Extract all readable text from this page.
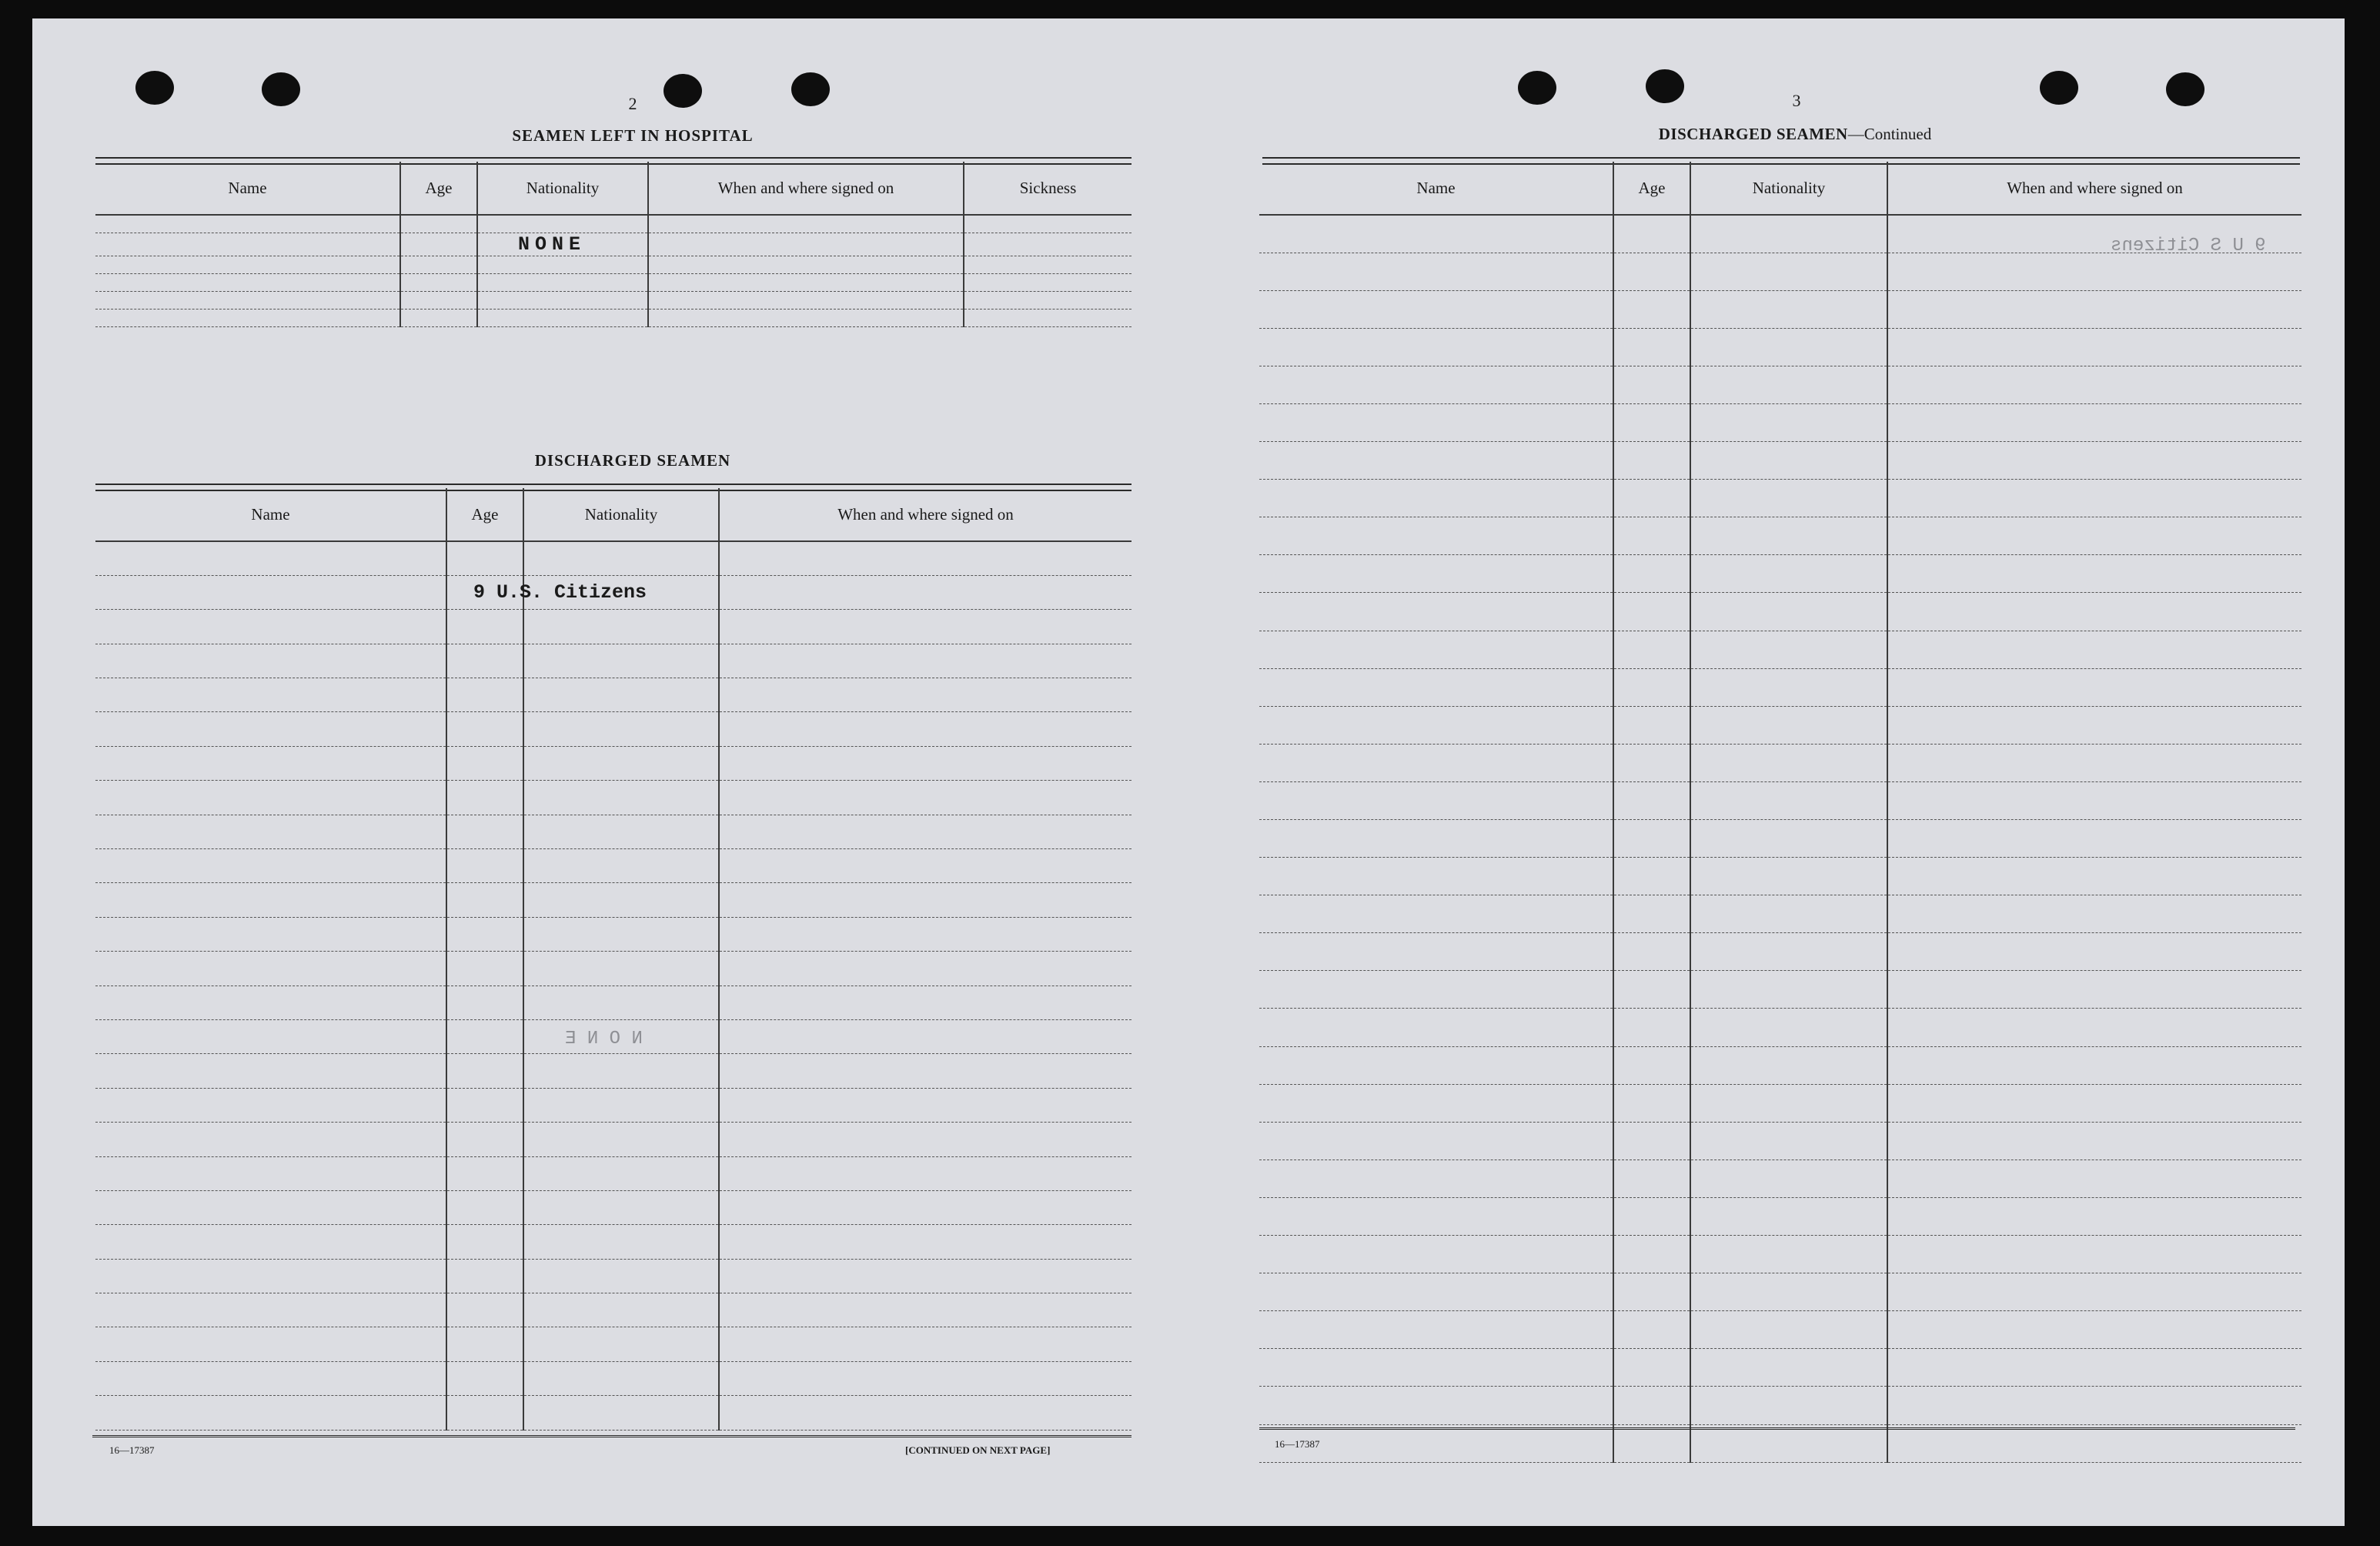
2
SEAMEN LEFT IN HOSPITAL
Name	Age	Nationality	When and where signed on	Sickness

		NONE		

DISCHARGED SEAMEN
Name	Age	Nationality	When and where signed on

	9 U.S. Citizens		

16—17387	[CONTINUED ON NEXT PAGE]
3
DISCHARGED SEAMEN—Continued
Name	Age	Nationality	When and where signed on

16—17387
9 U S Citizens
N O N E
